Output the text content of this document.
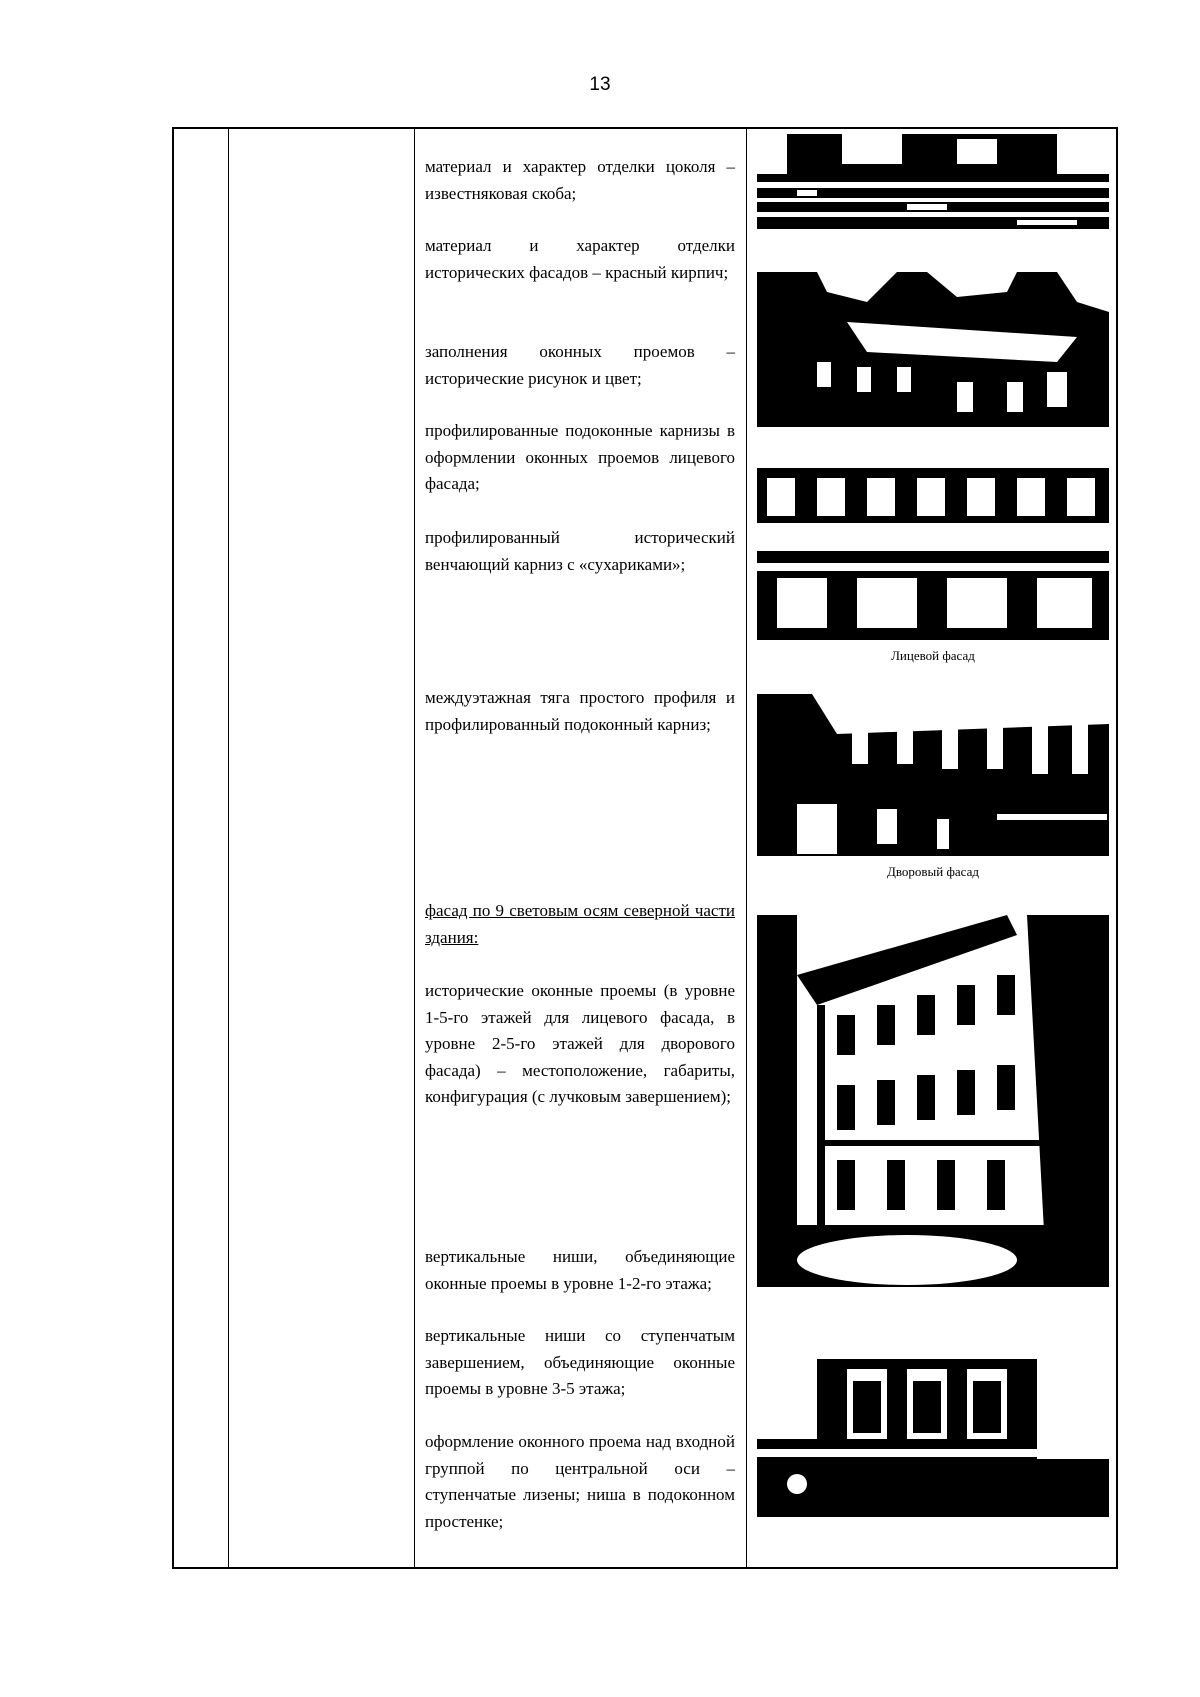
13
материал и характер отделки цоколя – известняковая скоба;
материал и характер отделки исторических фасадов – красный кирпич;
заполнения оконных проемов – исторические рисунок и цвет;
профилированные подоконные карнизы в оформлении оконных проемов лицевого фасада;
профилированный исторический венчающий карниз с «сухариками»;
междуэтажная тяга простого профиля и профилированный подоконный карниз;
фасад по 9 световым осям северной части здания:
исторические оконные проемы (в уровне 1-5-го этажей для лицевого фасада, в уровне 2-5-го этажей для дворового фасада) – местоположение, габариты, конфигурация (с лучковым завершением);
вертикальные ниши, объединяющие оконные проемы в уровне 1-2-го этажа;
вертикальные ниши со ступенчатым завершением, объединяющие оконные проемы в уровне 3-5 этажа;
оформление оконного проема над входной группой по центральной оси – ступенчатые лизены; ниша в подоконном простенке;
Лицевой фасад
Дворовый фасад
